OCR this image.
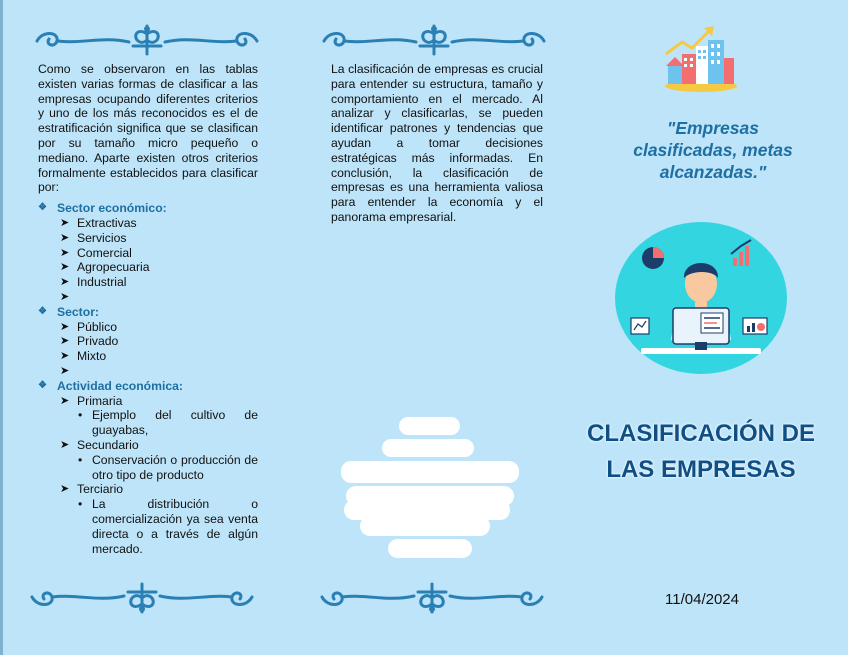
Como se observaron en las tablas existen varias formas de clasificar a las empresas ocupando diferentes criterios y uno de los más reconocidos es el de estratificación significa que se clasifican por su tamaño micro pequeño o mediano. Aparte existen otros criterios formalmente establecidos para clasificar por:

❖ Sector económico:

➤ Extractivas
➤ Servicios
➤ Comercial
➤ Agropecuaria
➤ Industrial
➤

❖ Sector:

➤ Público
➤ Privado
➤ Mixto
➤

❖ Actividad económica:

➤ Primaria
• Ejemplo del cultivo de guayabas,
➤ Secundario
• Conservación o producción de otro tipo de producto
➤ Terciario
• La distribución o comercialización ya sea venta directa o a través de algún mercado.

La clasificación de empresas es crucial para entender su estructura, tamaño y comportamiento en el mercado. Al analizar y clasificarlas, se pueden identificar patrones y tendencias que ayudan a tomar decisiones estratégicas más informadas. En conclusión, la clasificación de empresas es una herramienta valiosa para entender la economía y el panorama empresarial.

"Empresas clasificadas, metas alcanzadas."
CLASIFICACIÓN DE LAS EMPRESAS
11/04/2024
